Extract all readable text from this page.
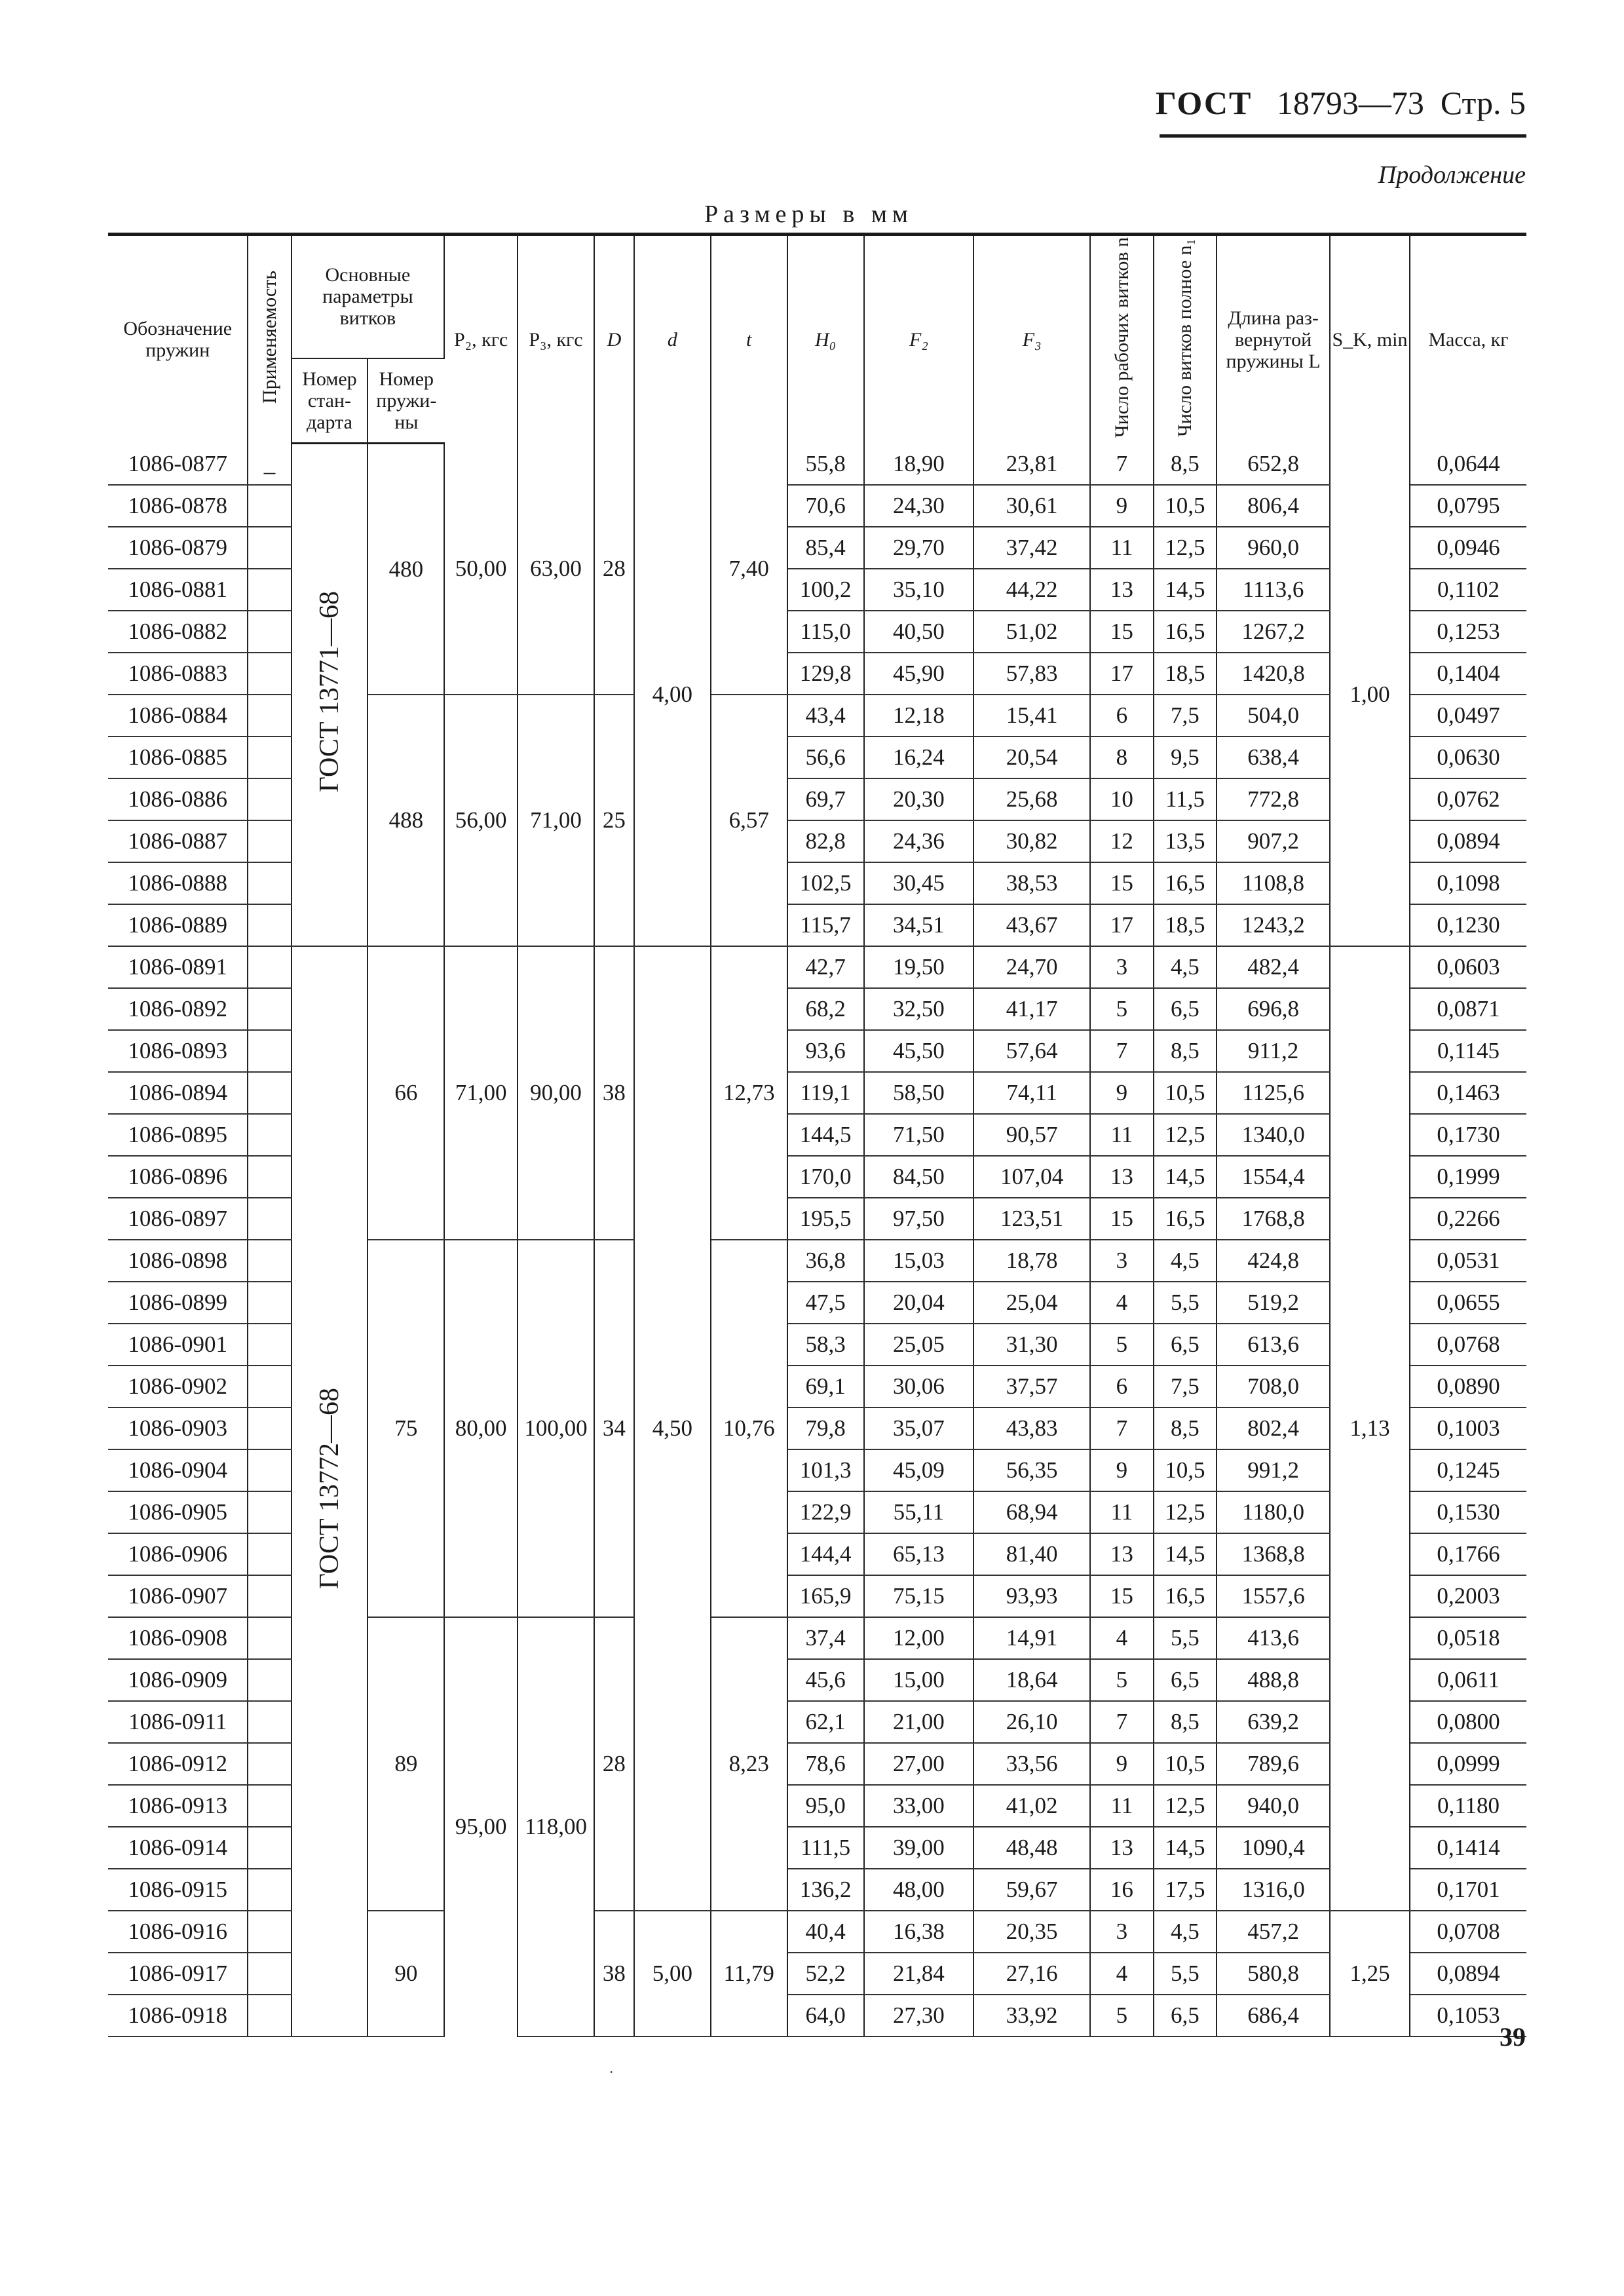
ГОСТ 18793—73 Стр. 5
Продолжение
Размеры в мм
Обозначение пружин	Применяемость	Основные параметры витков		P₂, кгс	P₃, кгс	D	d	t	H₀	F₂	F₃	Число рабочих витков n	Число витков полное n₁	Длина раз-вернутой пружины L	S_K, min	Масса, кг
		Номер стан-дарта	Номер пружи-ны													
1086-0877	_	ГОСТ 13771—68	480	50,00	63,00	28	4,00	7,40	55,8	18,90	23,81	7	8,5	652,8	1,00	0,0644
1086-0878									70,6	24,30	30,61	9	10,5	806,4		0,0795
1086-0879									85,4	29,70	37,42	11	12,5	960,0		0,0946
1086-0881									100,2	35,10	44,22	13	14,5	1113,6		0,1102
1086-0882									115,0	40,50	51,02	15	16,5	1267,2		0,1253
1086-0883									129,8	45,90	57,83	17	18,5	1420,8		0,1404
1086-0884			488	56,00	71,00	25		6,57	43,4	12,18	15,41	6	7,5	504,0		0,0497
1086-0885									56,6	16,24	20,54	8	9,5	638,4		0,0630
1086-0886									69,7	20,30	25,68	10	11,5	772,8		0,0762
1086-0887									82,8	24,36	30,82	12	13,5	907,2		0,0894
1086-0888									102,5	30,45	38,53	15	16,5	1108,8		0,1098
1086-0889									115,7	34,51	43,67	17	18,5	1243,2		0,1230
1086-0891		ГОСТ 13772—68	66	71,00	90,00	38	4,50	12,73	42,7	19,50	24,70	3	4,5	482,4	1,13	0,0603
1086-0892									68,2	32,50	41,17	5	6,5	696,8		0,0871
1086-0893									93,6	45,50	57,64	7	8,5	911,2		0,1145
1086-0894									119,1	58,50	74,11	9	10,5	1125,6		0,1463
1086-0895									144,5	71,50	90,57	11	12,5	1340,0		0,1730
1086-0896									170,0	84,50	107,04	13	14,5	1554,4		0,1999
1086-0897									195,5	97,50	123,51	15	16,5	1768,8		0,2266
1086-0898			75	80,00	100,00	34		10,76	36,8	15,03	18,78	3	4,5	424,8		0,0531
1086-0899									47,5	20,04	25,04	4	5,5	519,2		0,0655
1086-0901									58,3	25,05	31,30	5	6,5	613,6		0,0768
1086-0902									69,1	30,06	37,57	6	7,5	708,0		0,0890
1086-0903									79,8	35,07	43,83	7	8,5	802,4		0,1003
1086-0904									101,3	45,09	56,35	9	10,5	991,2		0,1245
1086-0905									122,9	55,11	68,94	11	12,5	1180,0		0,1530
1086-0906									144,4	65,13	81,40	13	14,5	1368,8		0,1766
1086-0907									165,9	75,15	93,93	15	16,5	1557,6		0,2003
1086-0908			89	95,00	118,00	28		8,23	37,4	12,00	14,91	4	5,5	413,6		0,0518
1086-0909									45,6	15,00	18,64	5	6,5	488,8		0,0611
1086-0911									62,1	21,00	26,10	7	8,5	639,2		0,0800
1086-0912									78,6	27,00	33,56	9	10,5	789,6		0,0999
1086-0913									95,0	33,00	41,02	11	12,5	940,0		0,1180
1086-0914									111,5	39,00	48,48	13	14,5	1090,4		0,1414
1086-0915									136,2	48,00	59,67	16	17,5	1316,0		0,1701
1086-0916			90			38	5,00	11,79	40,4	16,38	20,35	3	4,5	457,2	1,25	0,0708
1086-0917									52,2	21,84	27,16	4	5,5	580,8		0,0894
1086-0918									64,0	27,30	33,92	5	6,5	686,4		0,1053
39
·
